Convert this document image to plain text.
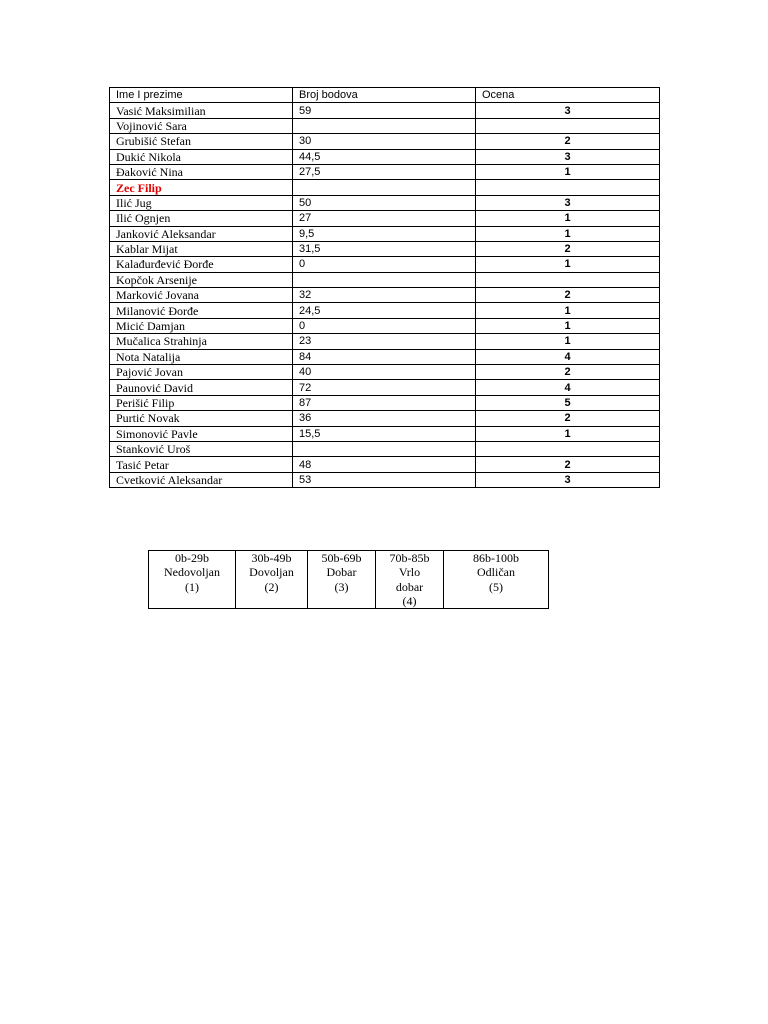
Ime I prezime	Broj bodova	Ocena
Vasić Maksimilian	59	3
Vojinović Sara		
Grubišić Stefan	30	2
Dukić Nikola	44,5	3
Đaković Nina	27,5	1
Zec Filip		
Ilić Jug	50	3
Ilić Ognjen	27	1
Janković Aleksandar	9,5	1
Kablar Mijat	31,5	2
Kalađurđević Đorđe	0	1
Kopčok Arsenije		
Marković Jovana	32	2
Milanović Đorđe	24,5	1
Micić Damjan	0	1
Mučalica Strahinja	23	1
Nota Natalija	84	4
Pajović Jovan	40	2
Paunović David	72	4
Perišić Filip	87	5
Purtić Novak	36	2
Simonović Pavle	15,5	1
Stanković Uroš		
Tasić Petar	48	2
Cvetković Aleksandar	53	3
0b-29b
Nedovoljan
(1)

30b-49b
Dovoljan
(2)

50b-69b
Dobar
(3)

70b-85b
Vrlo
dobar
(4)

86b-100b
Odličan
(5)
